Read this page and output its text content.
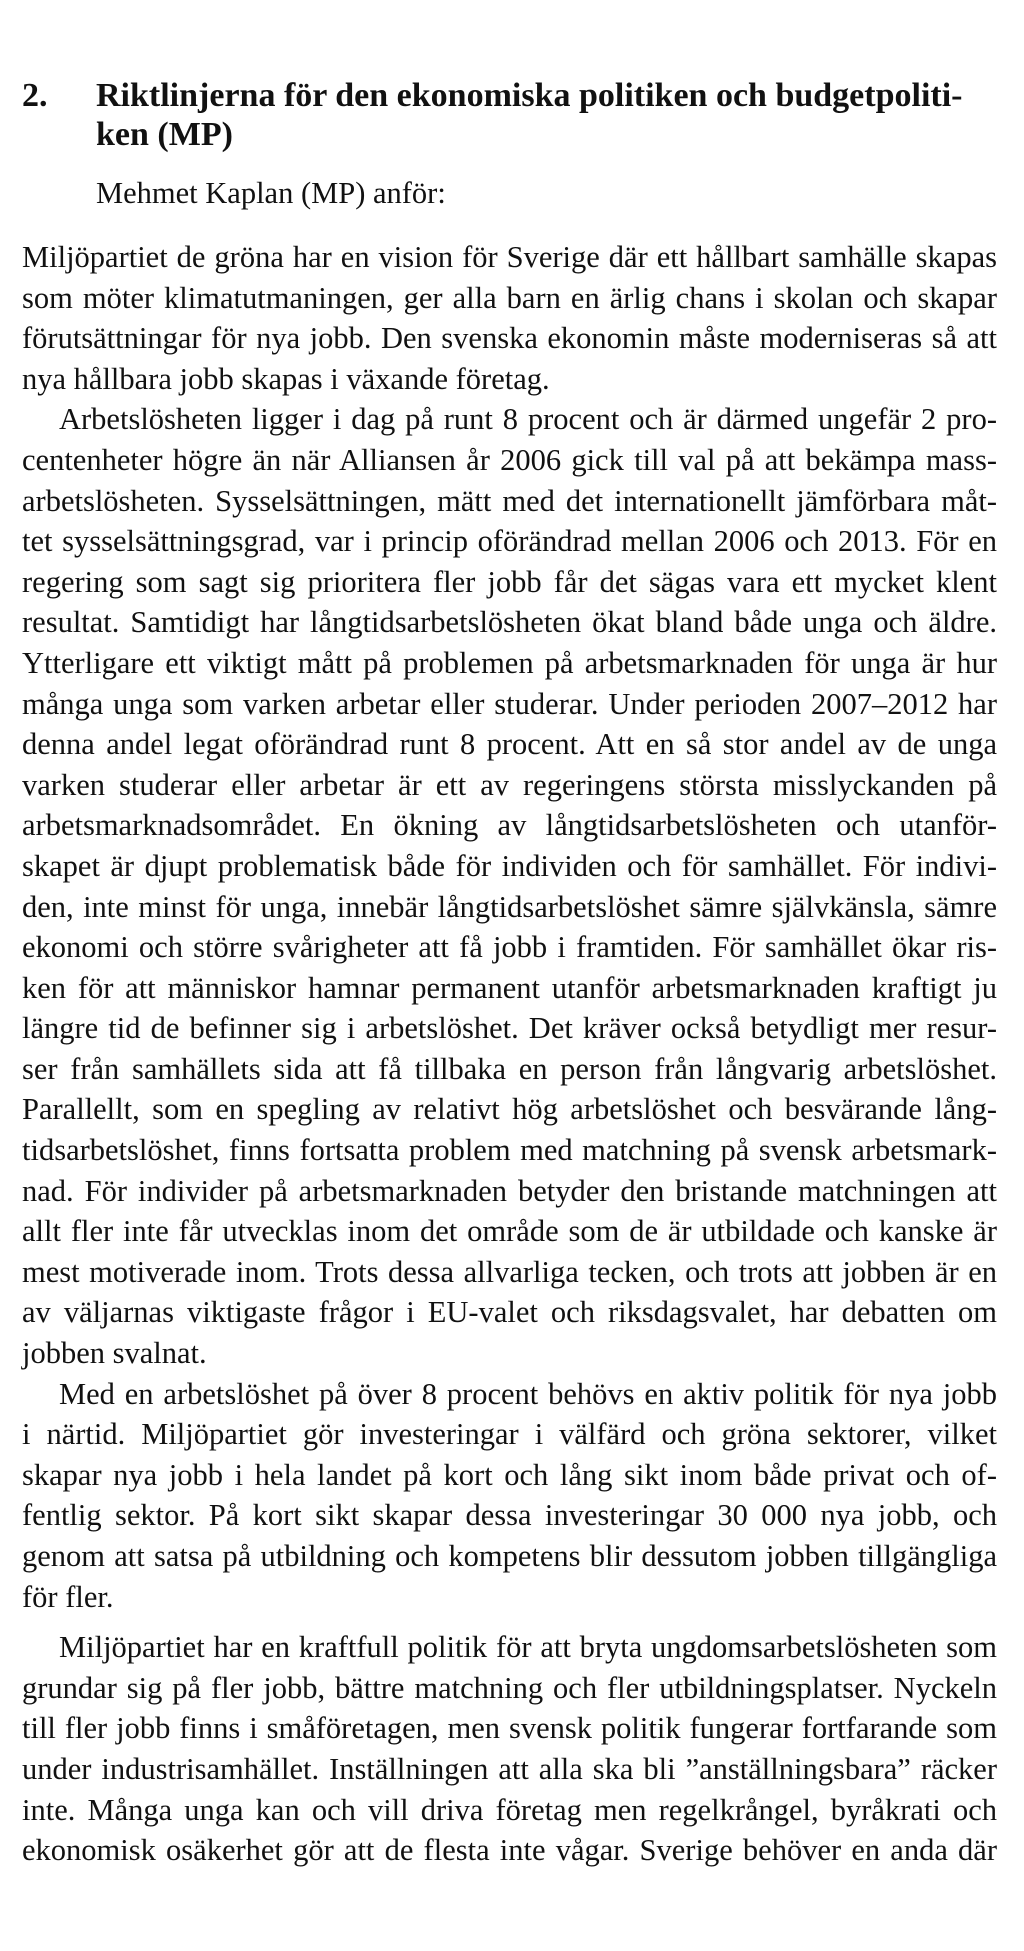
2. Riktlinjerna för den ekonomiska politiken och budgetpoliti-
ken (MP)
Mehmet Kaplan (MP) anför:
Miljöpartiet de gröna har en vision för Sverige där ett hållbart samhälle skapas
som möter klimatutmaningen, ger alla barn en ärlig chans i skolan och skapar
förutsättningar för nya jobb. Den svenska ekonomin måste moderniseras så att
nya hållbara jobb skapas i växande företag.
Arbetslösheten ligger i dag på runt 8 procent och är därmed ungefär 2 pro-
centenheter högre än när Alliansen år 2006 gick till val på att bekämpa mass-
arbetslösheten. Sysselsättningen, mätt med det internationellt jämförbara måt-
tet sysselsättningsgrad, var i princip oförändrad mellan 2006 och 2013. För en
regering som sagt sig prioritera fler jobb får det sägas vara ett mycket klent
resultat. Samtidigt har långtidsarbetslösheten ökat bland både unga och äldre.
Ytterligare ett viktigt mått på problemen på arbetsmarknaden för unga är hur
många unga som varken arbetar eller studerar. Under perioden 2007–2012 har
denna andel legat oförändrad runt 8 procent. Att en så stor andel av de unga
varken studerar eller arbetar är ett av regeringens största misslyckanden på
arbetsmarknadsområdet. En ökning av långtidsarbetslösheten och utanför-
skapet är djupt problematisk både för individen och för samhället. För indivi-
den, inte minst för unga, innebär långtidsarbetslöshet sämre självkänsla, sämre
ekonomi och större svårigheter att få jobb i framtiden. För samhället ökar ris-
ken för att människor hamnar permanent utanför arbetsmarknaden kraftigt ju
längre tid de befinner sig i arbetslöshet. Det kräver också betydligt mer resur-
ser från samhällets sida att få tillbaka en person från långvarig arbetslöshet.
Parallellt, som en spegling av relativt hög arbetslöshet och besvärande lång-
tidsarbetslöshet, finns fortsatta problem med matchning på svensk arbetsmark-
nad. För individer på arbetsmarknaden betyder den bristande matchningen att
allt fler inte får utvecklas inom det område som de är utbildade och kanske är
mest motiverade inom. Trots dessa allvarliga tecken, och trots att jobben är en
av väljarnas viktigaste frågor i EU-valet och riksdagsvalet, har debatten om
jobben svalnat.
Med en arbetslöshet på över 8 procent behövs en aktiv politik för nya jobb
i närtid. Miljöpartiet gör investeringar i välfärd och gröna sektorer, vilket
skapar nya jobb i hela landet på kort och lång sikt inom både privat och of-
fentlig sektor. På kort sikt skapar dessa investeringar 30 000 nya jobb, och
genom att satsa på utbildning och kompetens blir dessutom jobben tillgängliga
för fler.
Miljöpartiet har en kraftfull politik för att bryta ungdomsarbetslösheten som
grundar sig på fler jobb, bättre matchning och fler utbildningsplatser. Nyckeln
till fler jobb finns i småföretagen, men svensk politik fungerar fortfarande som
under industrisamhället. Inställningen att alla ska bli ”anställningsbara” räcker
inte. Många unga kan och vill driva företag men regelkrångel, byråkrati och
ekonomisk osäkerhet gör att de flesta inte vågar. Sverige behöver en anda där
